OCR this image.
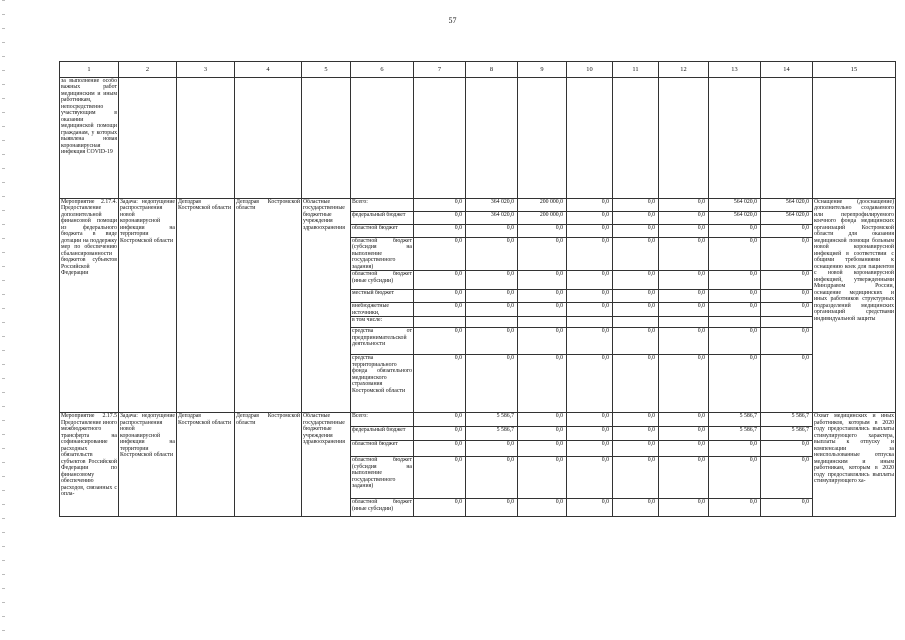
57
1	2	3	4	5	6	7	8	9	10	11	12	13	14	15
за выполнение особо важных работ медицинским и иным работникам, непосредственно участвующим в оказании медицинской помощи гражданам, у которых выявлена новая коронавирусная инфекция COVID-19														
Мероприятие 2.17.4. Предоставление дополнительной финансовой помощи из федерального бюджета в виде дотации на поддержку мер по обеспечению сбалансированности бюджетов субъектов Российской Федерации	Задача: недопущение распространения новой коронавирусной инфекции на территории Костромской области	Депздрав Костромской области	Депздрав Костромской области	Областные государственные бюджетные учреждения здравоохранения	Всего:	0,0	364 020,0	200 000,0	0,0	0,0	0,0	564 020,0	564 020,0	Оснащение (дооснащение) дополнительно создаваемого или перепрофилируемого коечного фонда медицинских организаций Костромской области для оказания медицинской помощи больным новой коронавирусной инфекцией в соответствии с общими требованиями к оснащению коек для пациентов с новой коронавирусной инфекцией, утвержденными Минздравом России, оснащение медицинских и иных работников структурных подразделений медицинских организаций средствами индивидуальной защиты
					федеральный бюджет	0,0	364 020,0	200 000,0	0,0	0,0	0,0	564 020,0	564 020,0	
					областной бюджет	0,0	0,0	0,0	0,0	0,0	0,0	0,0	0,0	
					областной бюджет (субсидия на выполнение государственного задания)	0,0	0,0	0,0	0,0	0,0	0,0	0,0	0,0	
					областной бюджет (иные субсидии)	0,0	0,0	0,0	0,0	0,0	0,0	0,0	0,0	
					местный бюджет	0,0	0,0	0,0	0,0	0,0	0,0	0,0	0,0	
					внебюджетные источники,	0,0	0,0	0,0	0,0	0,0	0,0	0,0	0,0	
					в том числе:									
					средства от предпринимательской деятельности	0,0	0,0	0,0	0,0	0,0	0,0	0,0	0,0	
					средства территориального фонда обязательного медицинского страхования Костромской области	0,0	0,0	0,0	0,0	0,0	0,0	0,0	0,0	
Мероприятие 2.17.5 Предоставление иного межбюджетного трансферта на софинансирование расходных обязательств субъектов Российской Федерации по финансовому обеспечению расходов, связанных с опла-	Задача: недопущение распространения новой коронавирусной инфекции на территории Костромской области	Депздрав Костромской области	Депздрав Костромской области	Областные государственные бюджетные учреждения здравоохранения	Всего:	0,0	5 586,7	0,0	0,0	0,0	0,0	5 586,7	5 586,7	Охват медицинских и иных работников, которым в 2020 году предоставлялись выплаты стимулирующего характера, выплаты к отпуску и компенсации за неиспользованные отпуска медицинским и иным работникам, которым в 2020 году предоставлялись выплаты стимулирующего ха-
					федеральный бюджет	0,0	5 586,7	0,0	0,0	0,0	0,0	5 586,7	5 586,7	
					областной бюджет	0,0	0,0	0,0	0,0	0,0	0,0	0,0	0,0	
					областной бюджет (субсидия на выполнение государственного задания)	0,0	0,0	0,0	0,0	0,0	0,0	0,0	0,0	
					областной бюджет (иные субсидии)	0,0	0,0	0,0	0,0	0,0	0,0	0,0	0,0	
